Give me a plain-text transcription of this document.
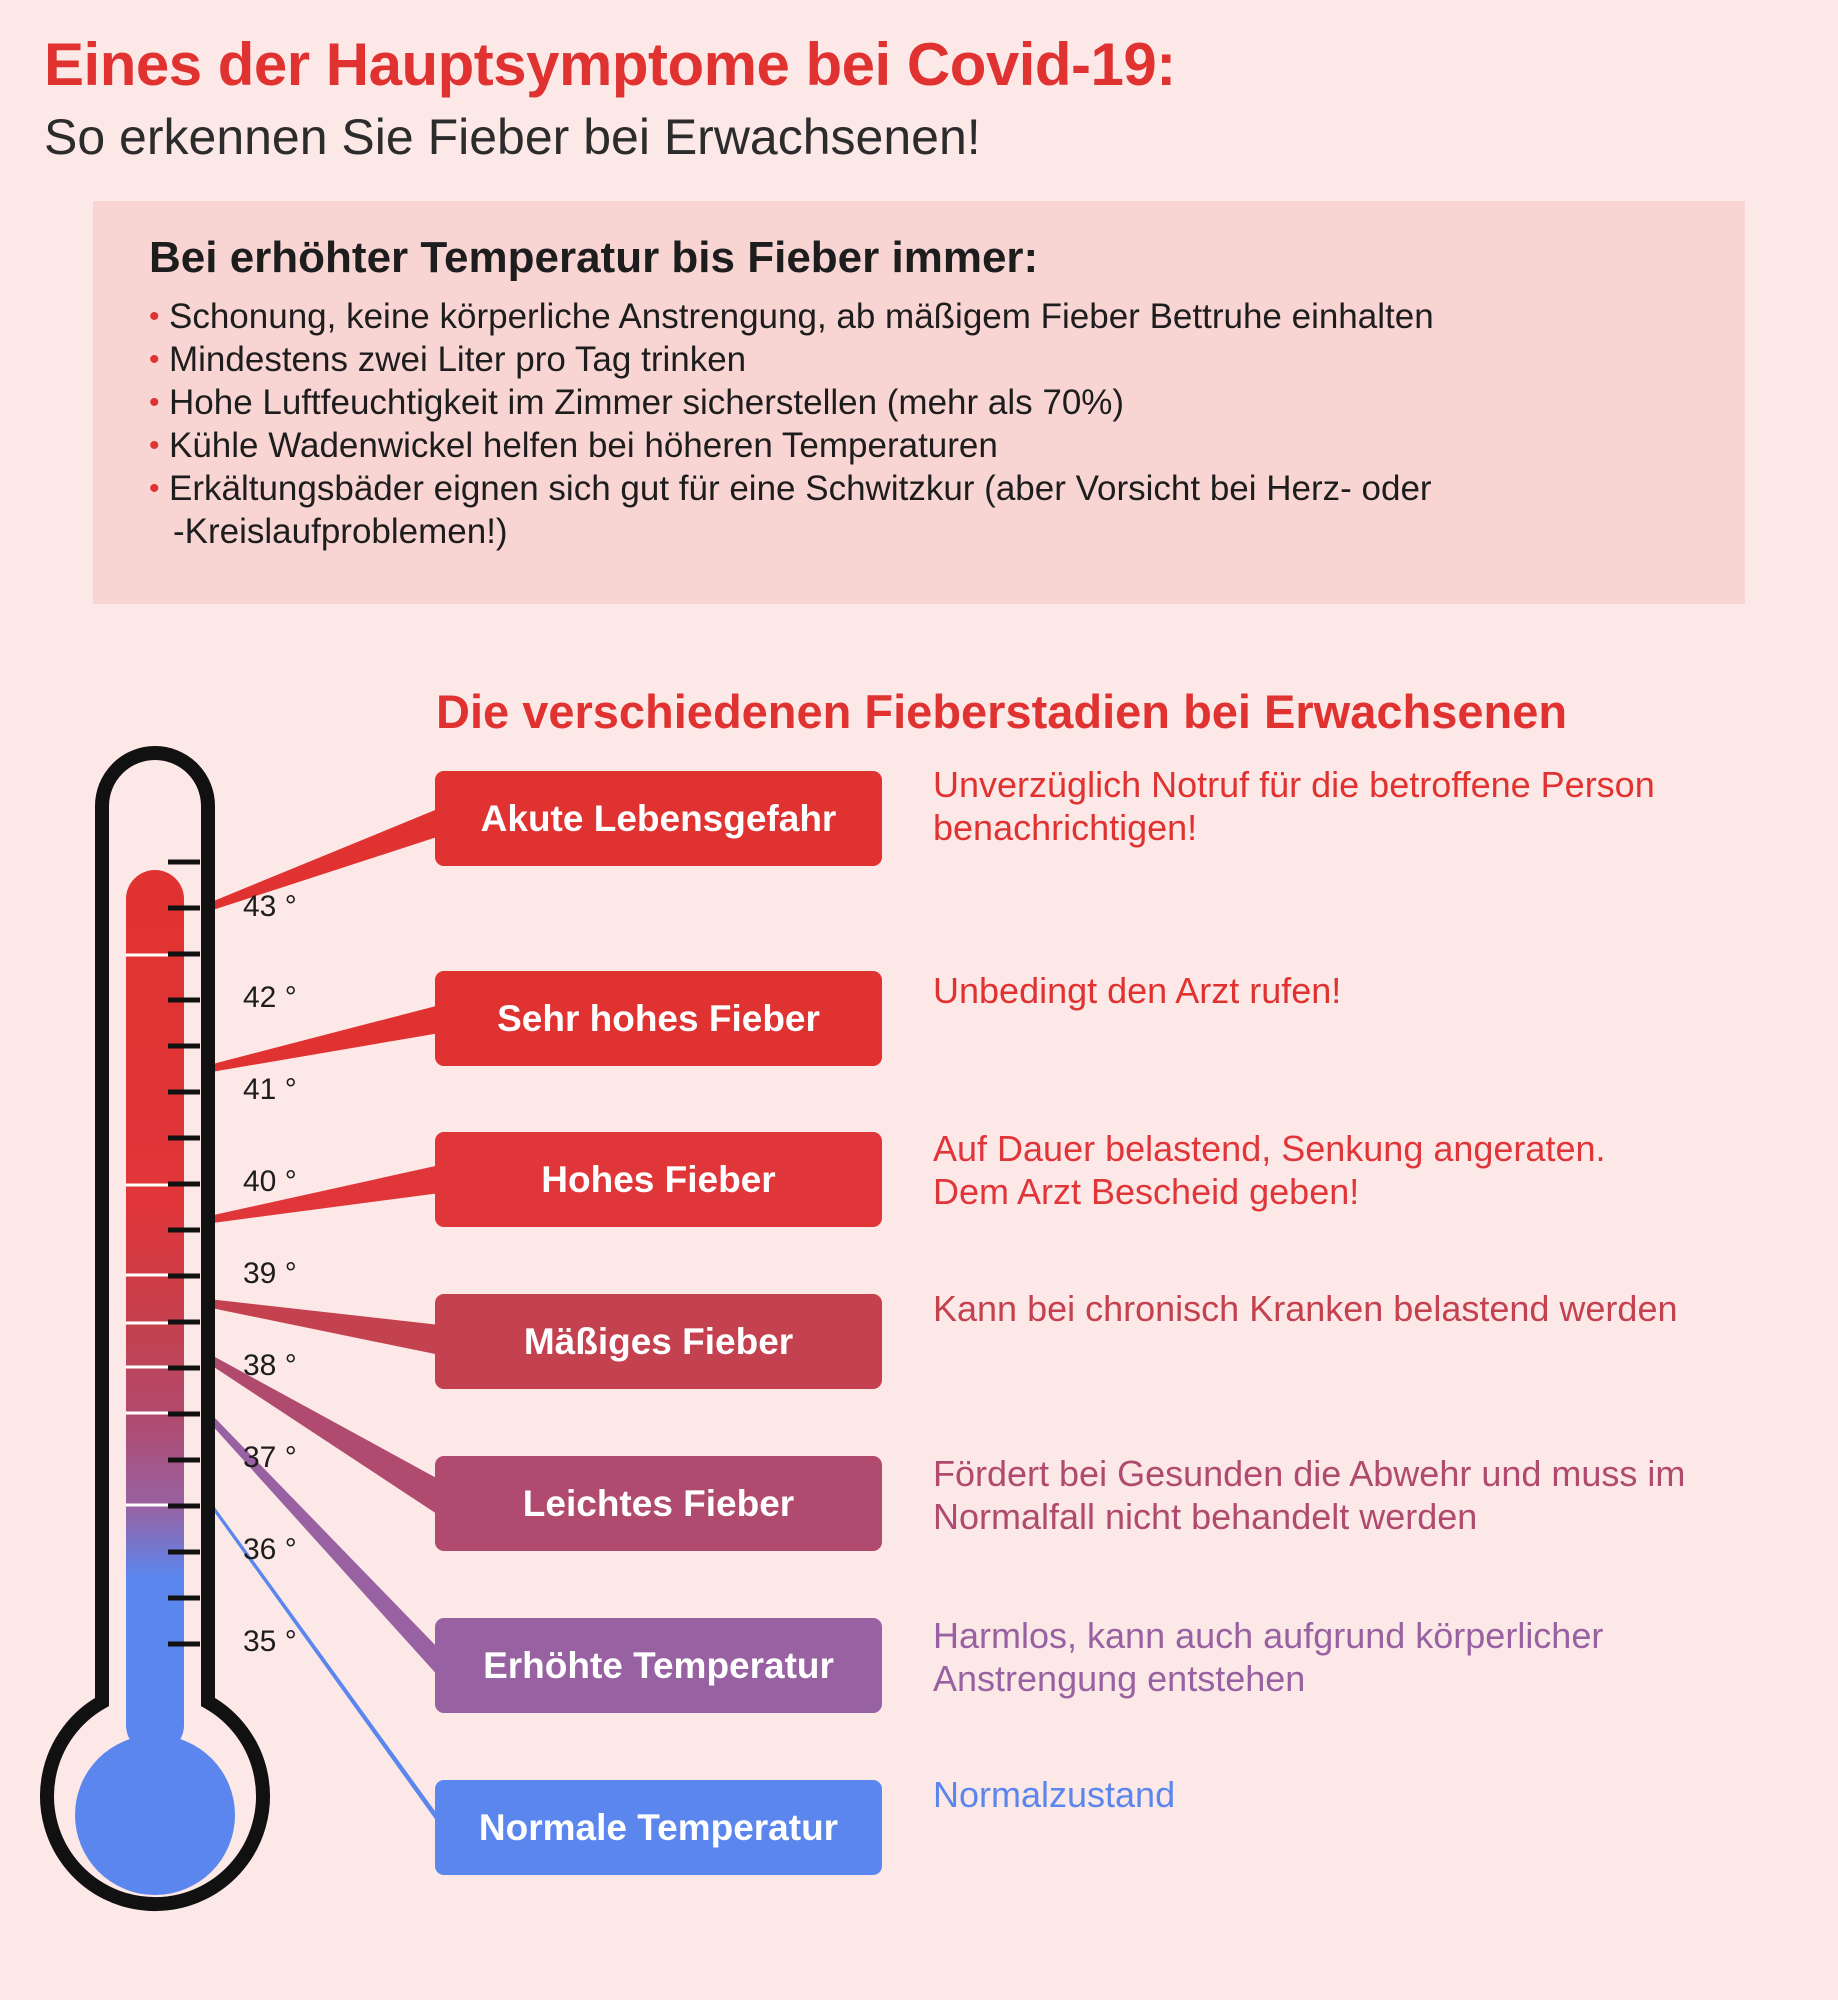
Eines der Hauptsymptome bei Covid-19:
So erkennen Sie Fieber bei Erwachsenen!
Bei erhöhter Temperatur bis Fieber immer:
• Schonung, keine körperliche Anstrengung, ab mäßigem Fieber Bettruhe einhalten
• Mindestens zwei Liter pro Tag trinken
• Hohe Luftfeuchtigkeit im Zimmer sicherstellen (mehr als 70%)
• Kühle Wadenwickel helfen bei höheren Temperaturen
• Erkältungsbäder eignen sich gut für eine Schwitzkur (aber Vorsicht bei Herz- oder
-Kreislaufproblemen!)
Die verschiedenen Fieberstadien bei Erwachsenen
43 °
42 °
41 °
40 °
39 °
38 °
37 °
36 °
35 °
Akute Lebensgefahr
Sehr hohes Fieber
Hohes Fieber
Mäßiges Fieber
Leichtes Fieber
Erhöhte Temperatur
Normale Temperatur
Unverzüglich Notruf für die betroffene Person
benachrichtigen!
Unbedingt den Arzt rufen!
Auf Dauer belastend, Senkung angeraten.
Dem Arzt Bescheid geben!
Kann bei chronisch Kranken belastend werden
Fördert bei Gesunden die Abwehr und muss im
Normalfall nicht behandelt werden
Harmlos, kann auch aufgrund körperlicher
Anstrengung entstehen
Normalzustand
